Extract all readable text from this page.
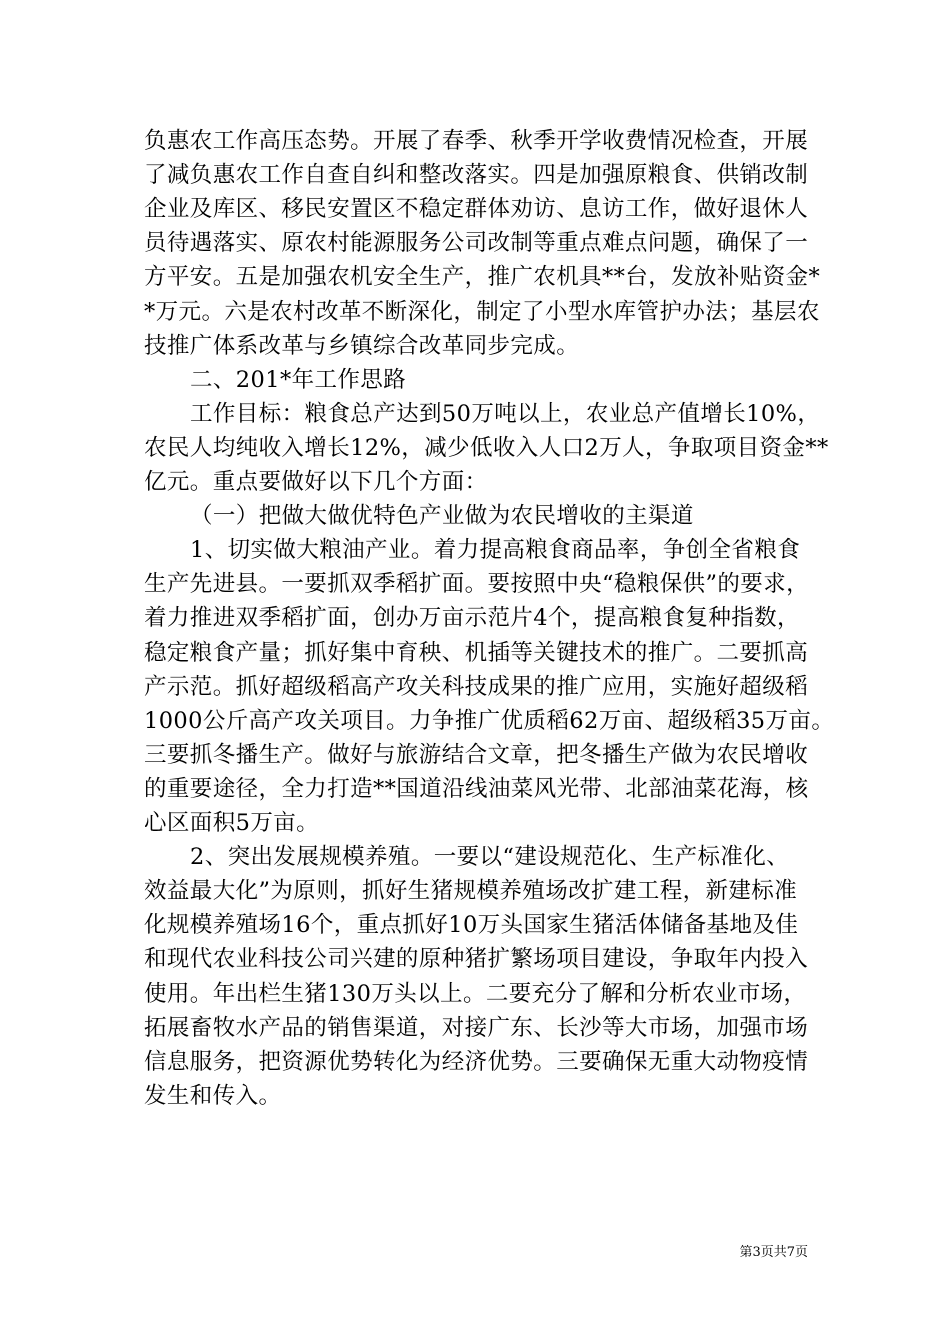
负惠农工作高压态势。开展了春季、秋季开学收费情况检查，开展
了减负惠农工作自查自纠和整改落实。四是加强原粮食、供销改制
企业及库区、移民安置区不稳定群体劝访、息访工作，做好退休人
员待遇落实、原农村能源服务公司改制等重点难点问题，确保了一
方平安。五是加强农机安全生产，推广农机具**台，发放补贴资金*
*万元。六是农村改革不断深化，制定了小型水库管护办法；基层农
技推广体系改革与乡镇综合改革同步完成。
二、201*年工作思路
工作目标：粮食总产达到50万吨以上，农业总产值增长10%，
农民人均纯收入增长12%，减少低收入人口2万人，争取项目资金**
亿元。重点要做好以下几个方面：
（一）把做大做优特色产业做为农民增收的主渠道
1、切实做大粮油产业。着力提高粮食商品率，争创全省粮食
生产先进县。一要抓双季稻扩面。要按照中央“稳粮保供”的要求，
着力推进双季稻扩面，创办万亩示范片4个，提高粮食复种指数，
稳定粮食产量；抓好集中育秧、机插等关键技术的推广。二要抓高
产示范。抓好超级稻高产攻关科技成果的推广应用，实施好超级稻
1000公斤高产攻关项目。力争推广优质稻62万亩、超级稻35万亩。
三要抓冬播生产。做好与旅游结合文章，把冬播生产做为农民增收
的重要途径，全力打造**国道沿线油菜风光带、北部油菜花海，核
心区面积5万亩。
2、突出发展规模养殖。一要以“建设规范化、生产标准化、
效益最大化”为原则，抓好生猪规模养殖场改扩建工程，新建标准
化规模养殖场16个，重点抓好10万头国家生猪活体储备基地及佳
和现代农业科技公司兴建的原种猪扩繁场项目建设，争取年内投入
使用。年出栏生猪130万头以上。二要充分了解和分析农业市场，
拓展畜牧水产品的销售渠道，对接广东、长沙等大市场，加强市场
信息服务，把资源优势转化为经济优势。三要确保无重大动物疫情
发生和传入。
第3页共7页
